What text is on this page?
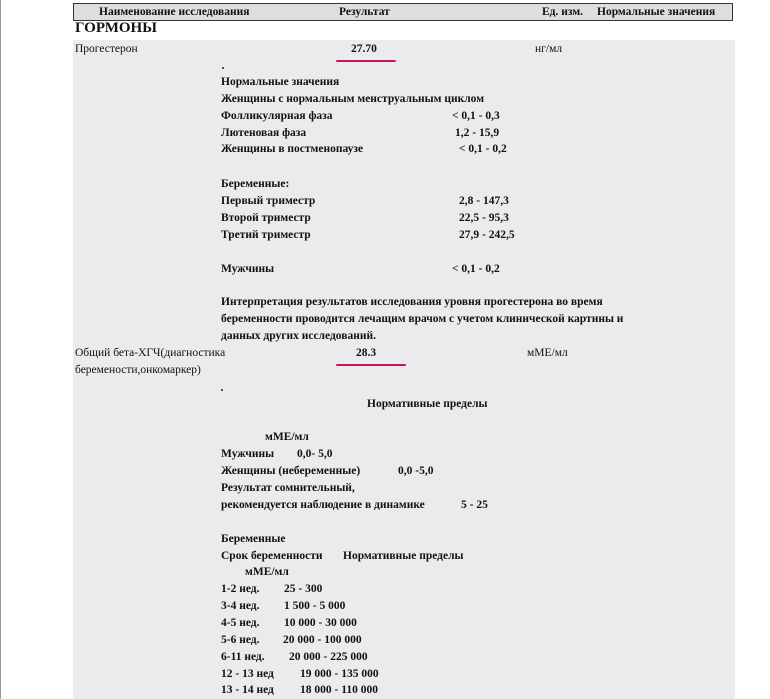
Наименование исследования	Результат	Ед. изм. Нормальные значения
ГОРМОНЫ
Прогестерон	27.70	нг/мл
Нормальные значения
Женщины с нормальным менструальным циклом
Фолликулярная фаза	< 0,1 - 0,3
Лютеновая фаза	1,2 - 15,9
Женщины в постменопаузе	< 0,1 - 0,2
Беременные:
Первый триместр	2,8 - 147,3
Второй триместр	22,5 - 95,3
Третий триместр	27,9 - 242,5
Мужчины	< 0,1 - 0,2
Интерпретация результатов исследования уровня прогестерона во время
беременности проводится лечащим врачом с учетом клинической картины и
данных других исследований.
Общий бета-ХГЧ(диагностика
беремености,онкомаркер)
28.3	мМЕ/мл
Нормативные пределы
мМЕ/мл
Мужчины 0,0- 5,0
Женщины (небеременные)	0,0 -5,0
Результат сомнительный,
рекомендуется наблюдение в динамике	5 - 25
Беременные
Срок беременности Нормативные пределы
мМЕ/мл
1-2 нед. 25 - 300
3-4 нед. 1 500 - 5 000
4-5 нед. 10 000 - 30 000
5-6 нед. 20 000 - 100 000
6-11 нед. 20 000 - 225 000
12 - 13 нед 19 000 - 135 000
13 - 14 нед 18 000 - 110 000
